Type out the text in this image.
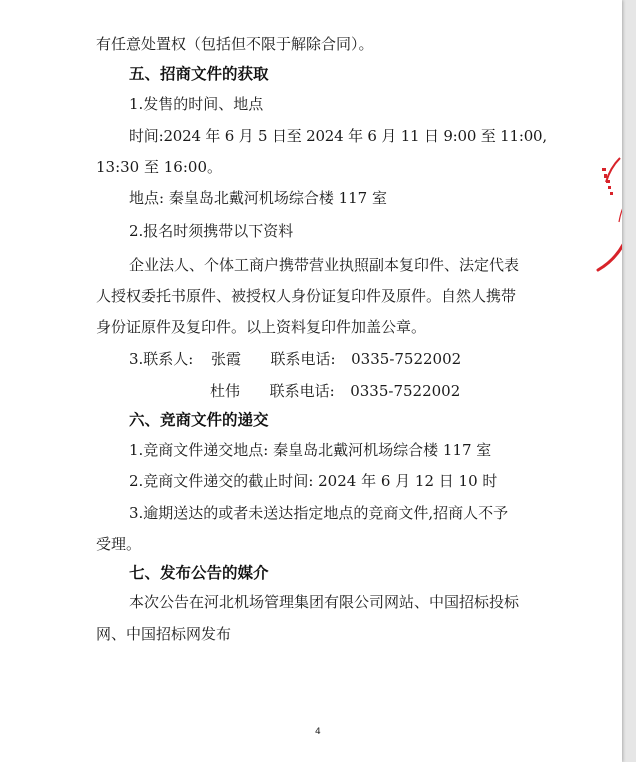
有任意处置权（包括但不限于解除合同）。
五、招商文件的获取
1.发售的时间、地点
时间:2024 年 6 月 5 日至 2024 年 6 月 11 日 9:00 至 11:00,
13:30 至 16:00。
地点: 秦皇岛北戴河机场综合楼 117 室
2.报名时须携带以下资料
企业法人、个体工商户携带营业执照副本复印件、法定代表
人授权委托书原件、被授权人身份证复印件及原件。自然人携带
身份证原件及复印件。以上资料复印件加盖公章。
3.联系人: 张霞 联系电话: 0335-7522002
杜伟 联系电话: 0335-7522002
六、竞商文件的递交
1.竞商文件递交地点: 秦皇岛北戴河机场综合楼 117 室
2.竞商文件递交的截止时间: 2024 年 6 月 12 日 10 时
3.逾期送达的或者未送达指定地点的竞商文件,招商人不予
受理。
七、发布公告的媒介
本次公告在河北机场管理集团有限公司网站、中国招标投标
网、中国招标网发布
4
